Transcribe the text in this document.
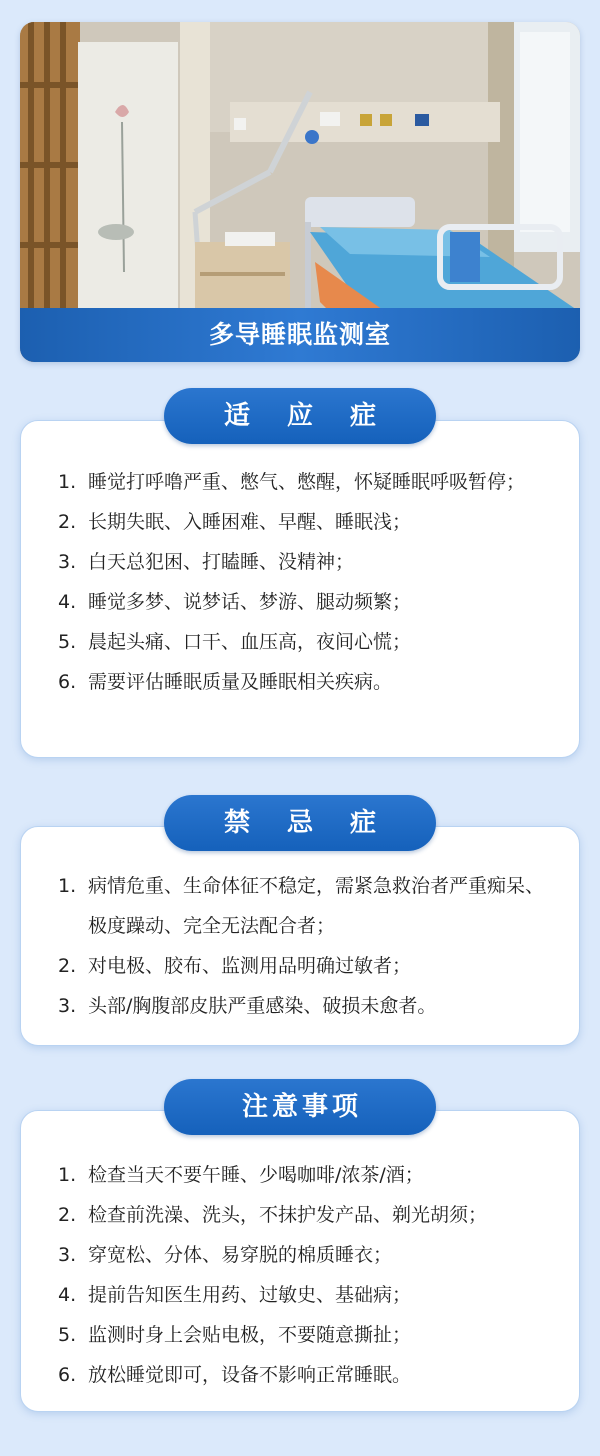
多导睡眠监测室
适 应 症
1. 睡觉打呼噜严重、憋气、憋醒，怀疑睡眠呼吸暂停；
2. 长期失眠、入睡困难、早醒、睡眠浅；
3. 白天总犯困、打瞌睡、没精神；
4. 睡觉多梦、说梦话、梦游、腿动频繁；
5. 晨起头痛、口干、血压高，夜间心慌；
6. 需要评估睡眠质量及睡眠相关疾病。
禁 忌 症
1. 病情危重、生命体征不稳定，需紧急救治者严重痴呆、极度躁动、完全无法配合者；
2. 对电极、胶布、监测用品明确过敏者；
3. 头部/胸腹部皮肤严重感染、破损未愈者。
注意事项
1. 检查当天不要午睡、少喝咖啡/浓茶/酒；
2. 检查前洗澡、洗头，不抹护发产品、剃光胡须；
3. 穿宽松、分体、易穿脱的棉质睡衣；
4. 提前告知医生用药、过敏史、基础病；
5. 监测时身上会贴电极，不要随意撕扯；
6. 放松睡觉即可，设备不影响正常睡眠。
